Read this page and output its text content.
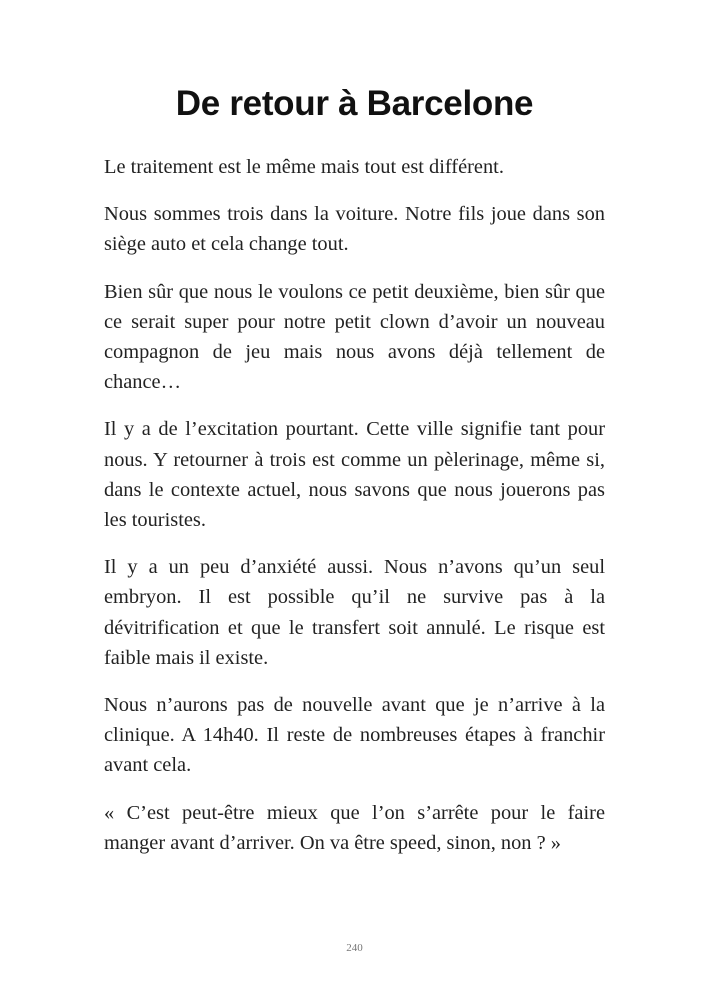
De retour à Barcelone

Le traitement est le même mais tout est différent.

Nous sommes trois dans la voiture. Notre fils joue dans son siège auto et cela change tout.

Bien sûr que nous le voulons ce petit deuxième, bien sûr que ce serait super pour notre petit clown d’avoir un nouveau compagnon de jeu mais nous avons déjà tellement de chance…

Il y a de l’excitation pourtant. Cette ville signifie tant pour nous. Y retourner à trois est comme un pèlerinage, même si, dans le contexte actuel, nous savons que nous jouerons pas les touristes.

Il y a un peu d’anxiété aussi. Nous n’avons qu’un seul embryon. Il est possible qu’il ne survive pas à la dévitrification et que le transfert soit annulé. Le risque est faible mais il existe.

Nous n’aurons pas de nouvelle avant que je n’arrive à la clinique. A 14h40. Il reste de nombreuses étapes à franchir avant cela.

« C’est peut-être mieux que l’on s’arrête pour le faire manger avant d’arriver. On va être speed, sinon, non ? »

240
